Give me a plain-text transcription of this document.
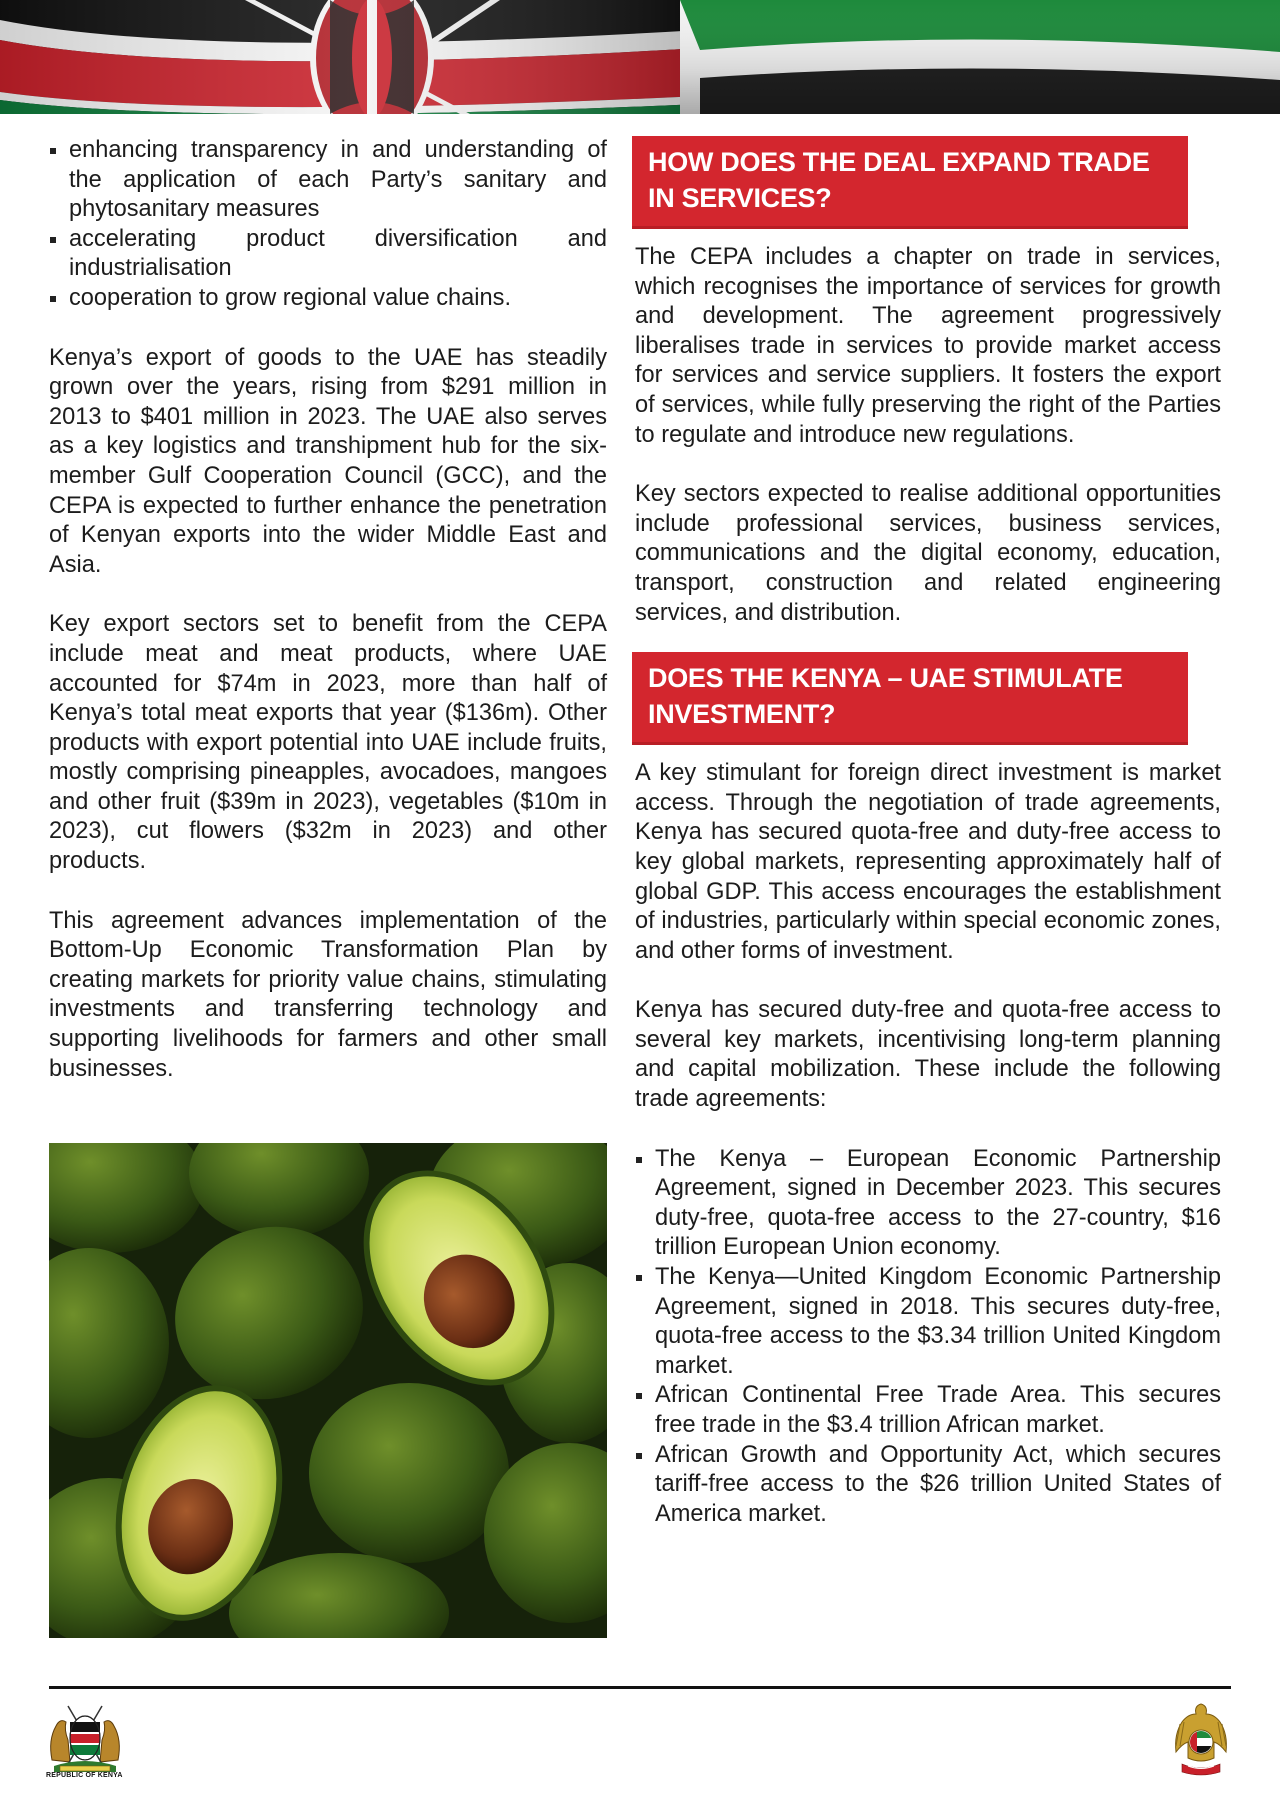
enhancing transparency in and understanding of the application of each Party’s sanitary and phytosanitary measures
accelerating product diversification and industrialisation
cooperation to grow regional value chains.

Kenya’s export of goods to the UAE has steadily grown over the years, rising from $291 million in 2013 to $401 million in 2023. The UAE also serves as a key logistics and transhipment hub for the six-member Gulf Cooperation Council (GCC), and the CEPA is expected to further enhance the penetration of Kenyan exports into the wider Middle East and Asia.

Key export sectors set to benefit from the CEPA include meat and meat products, where UAE accounted for $74m in 2023, more than half of Kenya’s total meat exports that year ($136m). Other products with export potential into UAE include fruits, mostly comprising pineapples, avocadoes, mangoes and other fruit ($39m in 2023), vegetables ($10m in 2023), cut flowers ($32m in 2023) and other products.

This agreement advances implementation of the Bottom-Up Economic Transformation Plan by creating markets for priority value chains, stimulating investments and transferring technology and supporting livelihoods for farmers and other small businesses.

HOW DOES THE DEAL EXPAND TRADE IN SERVICES?

The CEPA includes a chapter on trade in services, which recognises the importance of services for growth and development. The agreement progressively liberalises trade in services to provide market access for services and service suppliers. It fosters the export of services, while fully preserving the right of the Parties to regulate and introduce new regulations.

Key sectors expected to realise additional opportunities include professional services, business services, communications and the digital economy, education, transport, construction and related engineering services, and distribution.

DOES THE KENYA – UAE STIMULATE INVESTMENT?

A key stimulant for foreign direct investment is market access. Through the negotiation of trade agreements, Kenya has secured quota-free and duty-free access to key global markets, representing approximately half of global GDP. This access encourages the establishment of industries, particularly within special economic zones, and other forms of investment.

Kenya has secured duty-free and quota-free access to several key markets, incentivising long-term planning and capital mobilization. These include the following trade agreements:

The Kenya – European Economic Partnership Agreement, signed in December 2023. This secures duty-free, quota-free access to the 27-country, $16 trillion European Union economy.
The Kenya—United Kingdom Economic Partnership Agreement, signed in 2018. This secures duty-free, quota-free access to the $3.34 trillion United Kingdom market.
African Continental Free Trade Area. This secures free trade in the $3.4 trillion African market.
African Growth and Opportunity Act, which secures tariff-free access to the $26 trillion United States of America market.
REPUBLIC OF KENYA
